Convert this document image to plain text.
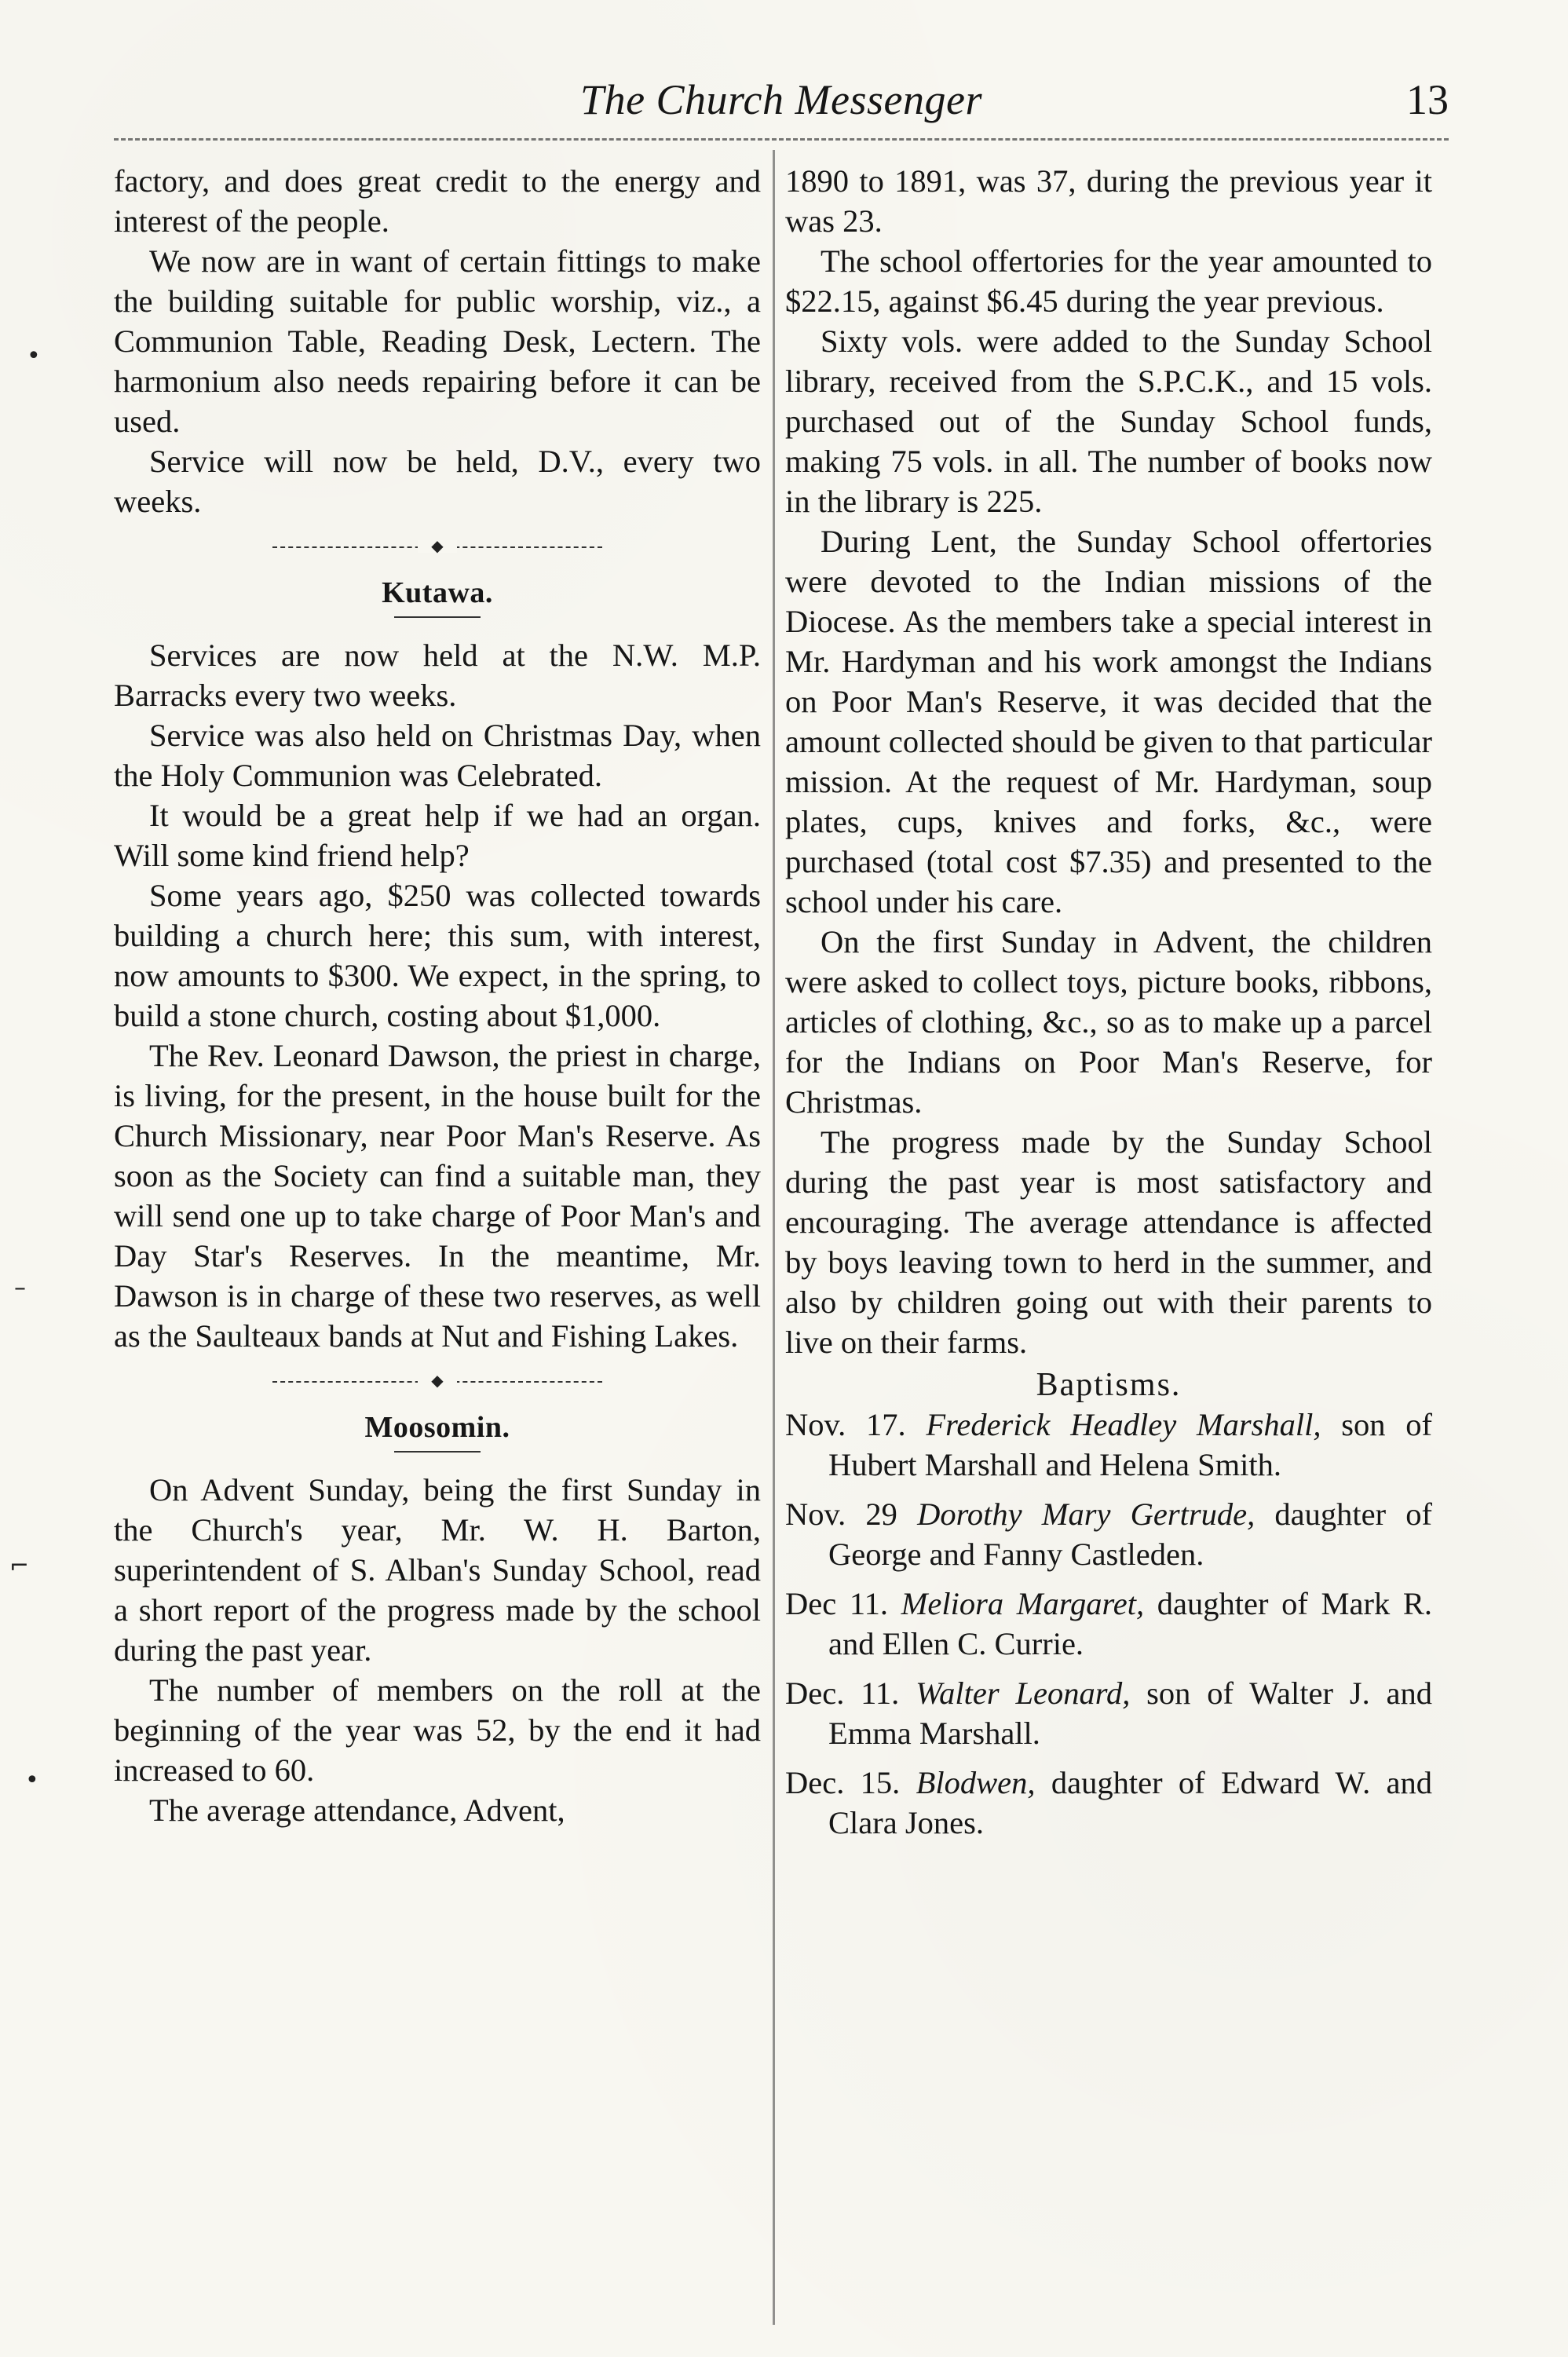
•
–
⌐
•
The Church Messenger	13

factory, and does great credit to the energy and interest of the people.

We now are in want of certain fittings to make the building suitable for public worship, viz., a Communion Table, Reading Desk, Lectern. The harmonium also needs repairing before it can be used.

Service will now be held, D.V., every two weeks.

◆
Kutawa.

Services are now held at the N.W. M.P. Barracks every two weeks.

Service was also held on Christmas Day, when the Holy Communion was Celebrated.

It would be a great help if we had an organ. Will some kind friend help?

Some years ago, $250 was collected towards building a church here; this sum, with interest, now amounts to $300. We expect, in the spring, to build a stone church, costing about $1,000.

The Rev. Leonard Dawson, the priest in charge, is living, for the present, in the house built for the Church Missionary, near Poor Man's Reserve. As soon as the Society can find a suitable man, they will send one up to take charge of Poor Man's and Day Star's Reserves. In the meantime, Mr. Dawson is in charge of these two reserves, as well as the Saulteaux bands at Nut and Fishing Lakes.

◆
Moosomin.

On Advent Sunday, being the first Sunday in the Church's year, Mr. W. H. Barton, superintendent of S. Alban's Sunday School, read a short report of the progress made by the school during the past year.

The number of members on the roll at the beginning of the year was 52, by the end it had increased to 60.

The average attendance, Advent,

1890 to 1891, was 37, during the previous year it was 23.

The school offertories for the year amounted to $22.15, against $6.45 during the year previous.

Sixty vols. were added to the Sunday School library, received from the S.P.C.K., and 15 vols. purchased out of the Sunday School funds, making 75 vols. in all. The number of books now in the library is 225.

During Lent, the Sunday School offertories were devoted to the Indian missions of the Diocese. As the members take a special interest in Mr. Hardyman and his work amongst the Indians on Poor Man's Reserve, it was decided that the amount collected should be given to that particular mission. At the request of Mr. Hardyman, soup plates, cups, knives and forks, &c., were purchased (total cost $7.35) and presented to the school under his care.

On the first Sunday in Advent, the children were asked to collect toys, picture books, ribbons, articles of clothing, &c., so as to make up a parcel for the Indians on Poor Man's Reserve, for Christmas.

The progress made by the Sunday School during the past year is most satisfactory and encouraging. The average attendance is affected by boys leaving town to herd in the summer, and also by children going out with their parents to live on their farms.

Baptisms.
Nov. 17. Frederick Headley Marshall, son of Hubert Marshall and Helena Smith.
Nov. 29 Dorothy Mary Gertrude, daughter of George and Fanny Castleden.
Dec 11. Meliora Margaret, daughter of Mark R. and Ellen C. Currie.
Dec. 11. Walter Leonard, son of Walter J. and Emma Marshall.
Dec. 15. Blodwen, daughter of Edward W. and Clara Jones.
